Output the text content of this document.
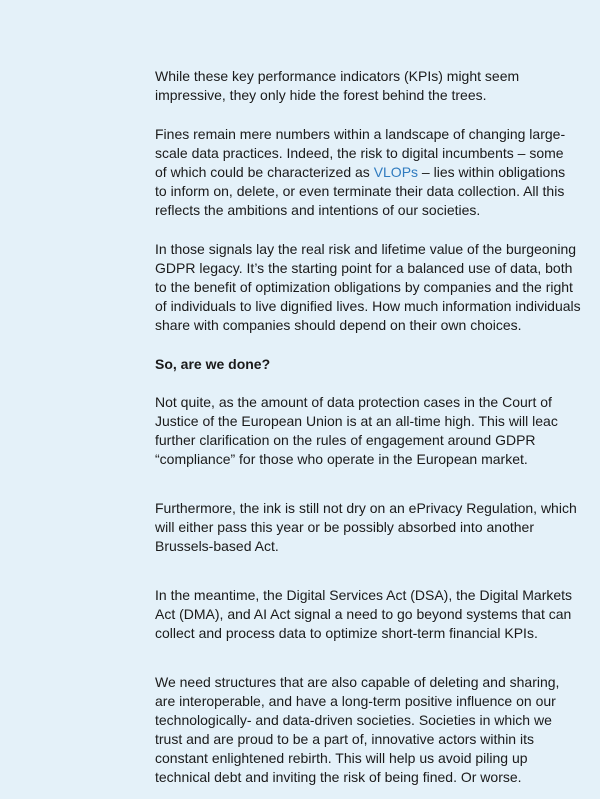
While these key performance indicators (KPIs) might seem
impressive, they only hide the forest behind the trees.

Fines remain mere numbers within a landscape of changing large-
scale data practices. Indeed, the risk to digital incumbents – some
of which could be characterized as VLOPs – lies within obligations
to inform on, delete, or even terminate their data collection. All this
reflects the ambitions and intentions of our societies.

In those signals lay the real risk and lifetime value of the burgeoning
GDPR legacy. It’s the starting point for a balanced use of data, both
to the benefit of optimization obligations by companies and the right
of individuals to live dignified lives. How much information individuals
share with companies should depend on their own choices.

So, are we done?

Not quite, as the amount of data protection cases in the Court of
Justice of the European Union is at an all-time high. This will leac
further clarification on the rules of engagement around GDPR
“compliance” for those who operate in the European market.

Furthermore, the ink is still not dry on an ePrivacy Regulation, which
will either pass this year or be possibly absorbed into another
Brussels-based Act.

In the meantime, the Digital Services Act (DSA), the Digital Markets
Act (DMA), and AI Act signal a need to go beyond systems that can
collect and process data to optimize short-term financial KPIs.

We need structures that are also capable of deleting and sharing,
are interoperable, and have a long-term positive influence on our
technologically- and data-driven societies. Societies in which we
trust and are proud to be a part of, innovative actors within its
constant enlightened rebirth. This will help us avoid piling up
technical debt and inviting the risk of being fined. Or worse.
